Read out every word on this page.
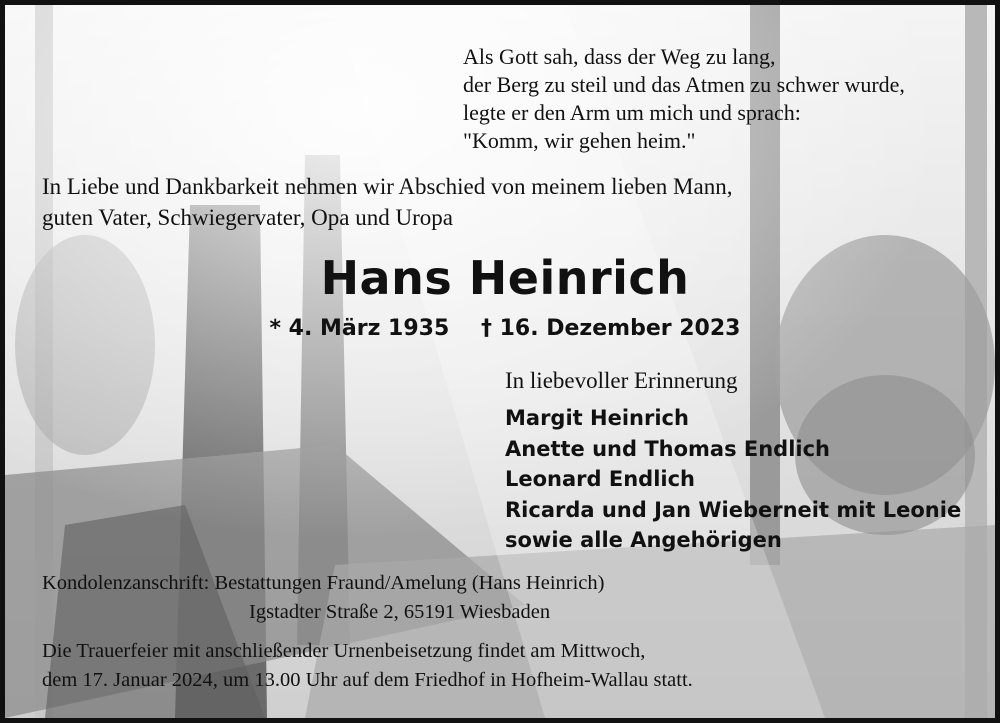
Als Gott sah, dass der Weg zu lang,
der Berg zu steil und das Atmen zu schwer wurde,
legte er den Arm um mich und sprach:
"Komm, wir gehen heim."
In Liebe und Dankbarkeit nehmen wir Abschied von meinem lieben Mann,
guten Vater, Schwiegervater, Opa und Uropa
Hans Heinrich
* 4. März 1935 † 16. Dezember 2023
In liebevoller Erinnerung
Margit Heinrich
Anette und Thomas Endlich
Leonard Endlich
Ricarda und Jan Wieberneit mit Leonie
sowie alle Angehörigen
Kondolenzanschrift: Bestattungen Fraund/Amelung (Hans Heinrich)
Igstadter Straße 2, 65191 Wiesbaden
Die Trauerfeier mit anschließender Urnenbeisetzung findet am Mittwoch,
dem 17. Januar 2024, um 13.00 Uhr auf dem Friedhof in Hofheim-Wallau statt.
